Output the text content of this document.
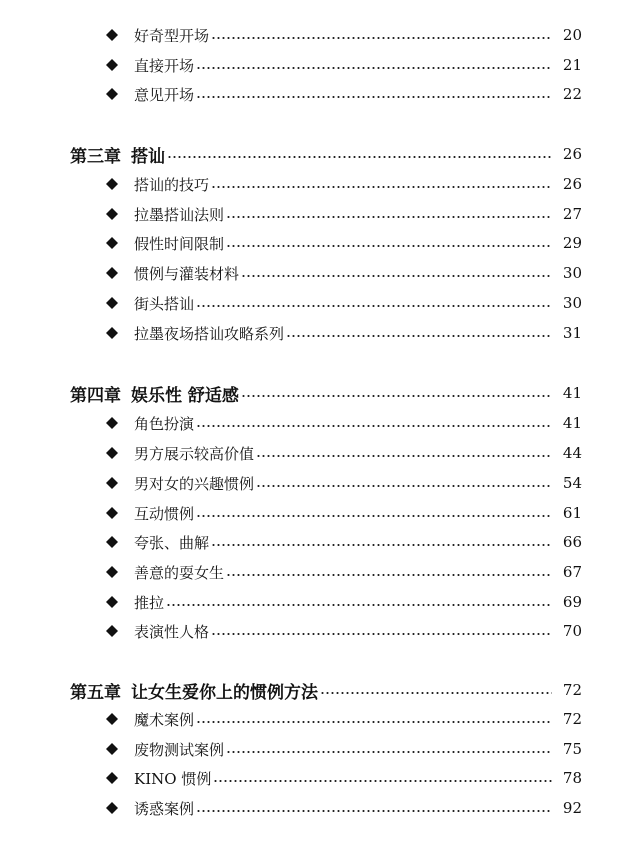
好奇型开场	20
直接开场	21
意见开场	22
第三章 搭讪	26
搭讪的技巧	26
拉墨搭讪法则	27
假性时间限制	29
惯例与灌装材料	30
街头搭讪	30
拉墨夜场搭讪攻略系列	31
第四章 娱乐性 舒适感	41
角色扮演	41
男方展示较高价值	44
男对女的兴趣惯例	54
互动惯例	61
夸张、曲解	66
善意的耍女生	67
推拉	69
表演性人格	70
第五章 让女生爱你上的惯例方法	72
魔术案例	72
废物测试案例	75
KINO 惯例	78
诱惑案例	92
